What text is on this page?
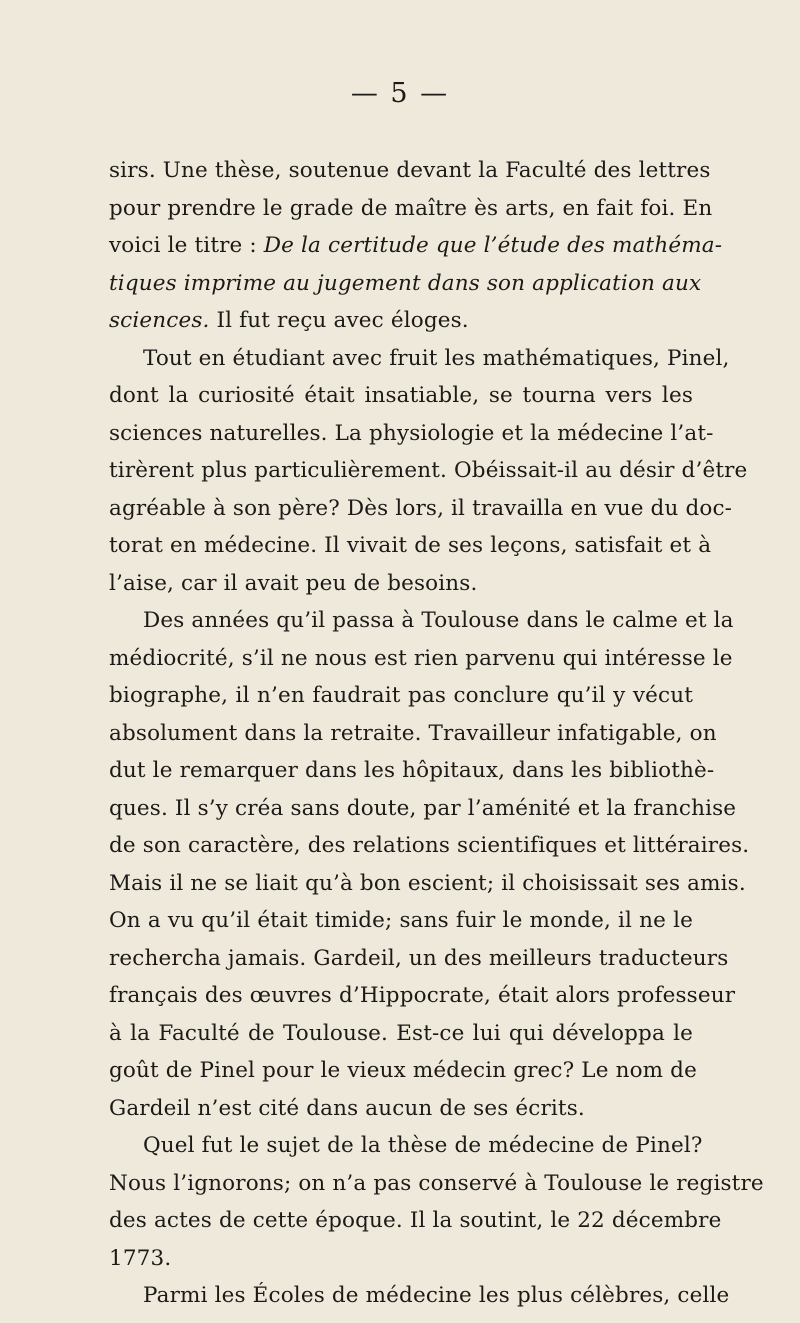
— 5 —
sirs. Une thèse, soutenue devant la Faculté des lettres
pour prendre le grade de maître ès arts, en fait foi. En
voici le titre : De la certitude que l’étude des mathéma-
tiques imprime au jugement dans son application aux
sciences. Il fut reçu avec éloges.
Tout en étudiant avec fruit les mathématiques, Pinel,
dont la curiosité était insatiable, se tourna vers les
sciences naturelles. La physiologie et la médecine l’at-
tirèrent plus particulièrement. Obéissait-il au désir d’être
agréable à son père? Dès lors, il travailla en vue du doc-
torat en médecine. Il vivait de ses leçons, satisfait et à
l’aise, car il avait peu de besoins.
Des années qu’il passa à Toulouse dans le calme et la
médiocrité, s’il ne nous est rien parvenu qui intéresse le
biographe, il n’en faudrait pas conclure qu’il y vécut
absolument dans la retraite. Travailleur infatigable, on
dut le remarquer dans les hôpitaux, dans les bibliothè-
ques. Il s’y créa sans doute, par l’aménité et la franchise
de son caractère, des relations scientifiques et littéraires.
Mais il ne se liait qu’à bon escient; il choisissait ses amis.
On a vu qu’il était timide; sans fuir le monde, il ne le
rechercha jamais. Gardeil, un des meilleurs traducteurs
français des œuvres d’Hippocrate, était alors professeur
à la Faculté de Toulouse. Est-ce lui qui développa le
goût de Pinel pour le vieux médecin grec? Le nom de
Gardeil n’est cité dans aucun de ses écrits.
Quel fut le sujet de la thèse de médecine de Pinel?
Nous l’ignorons; on n’a pas conservé à Toulouse le registre
des actes de cette époque. Il la soutint, le 22 décembre
1773.
Parmi les Écoles de médecine les plus célèbres, celle
